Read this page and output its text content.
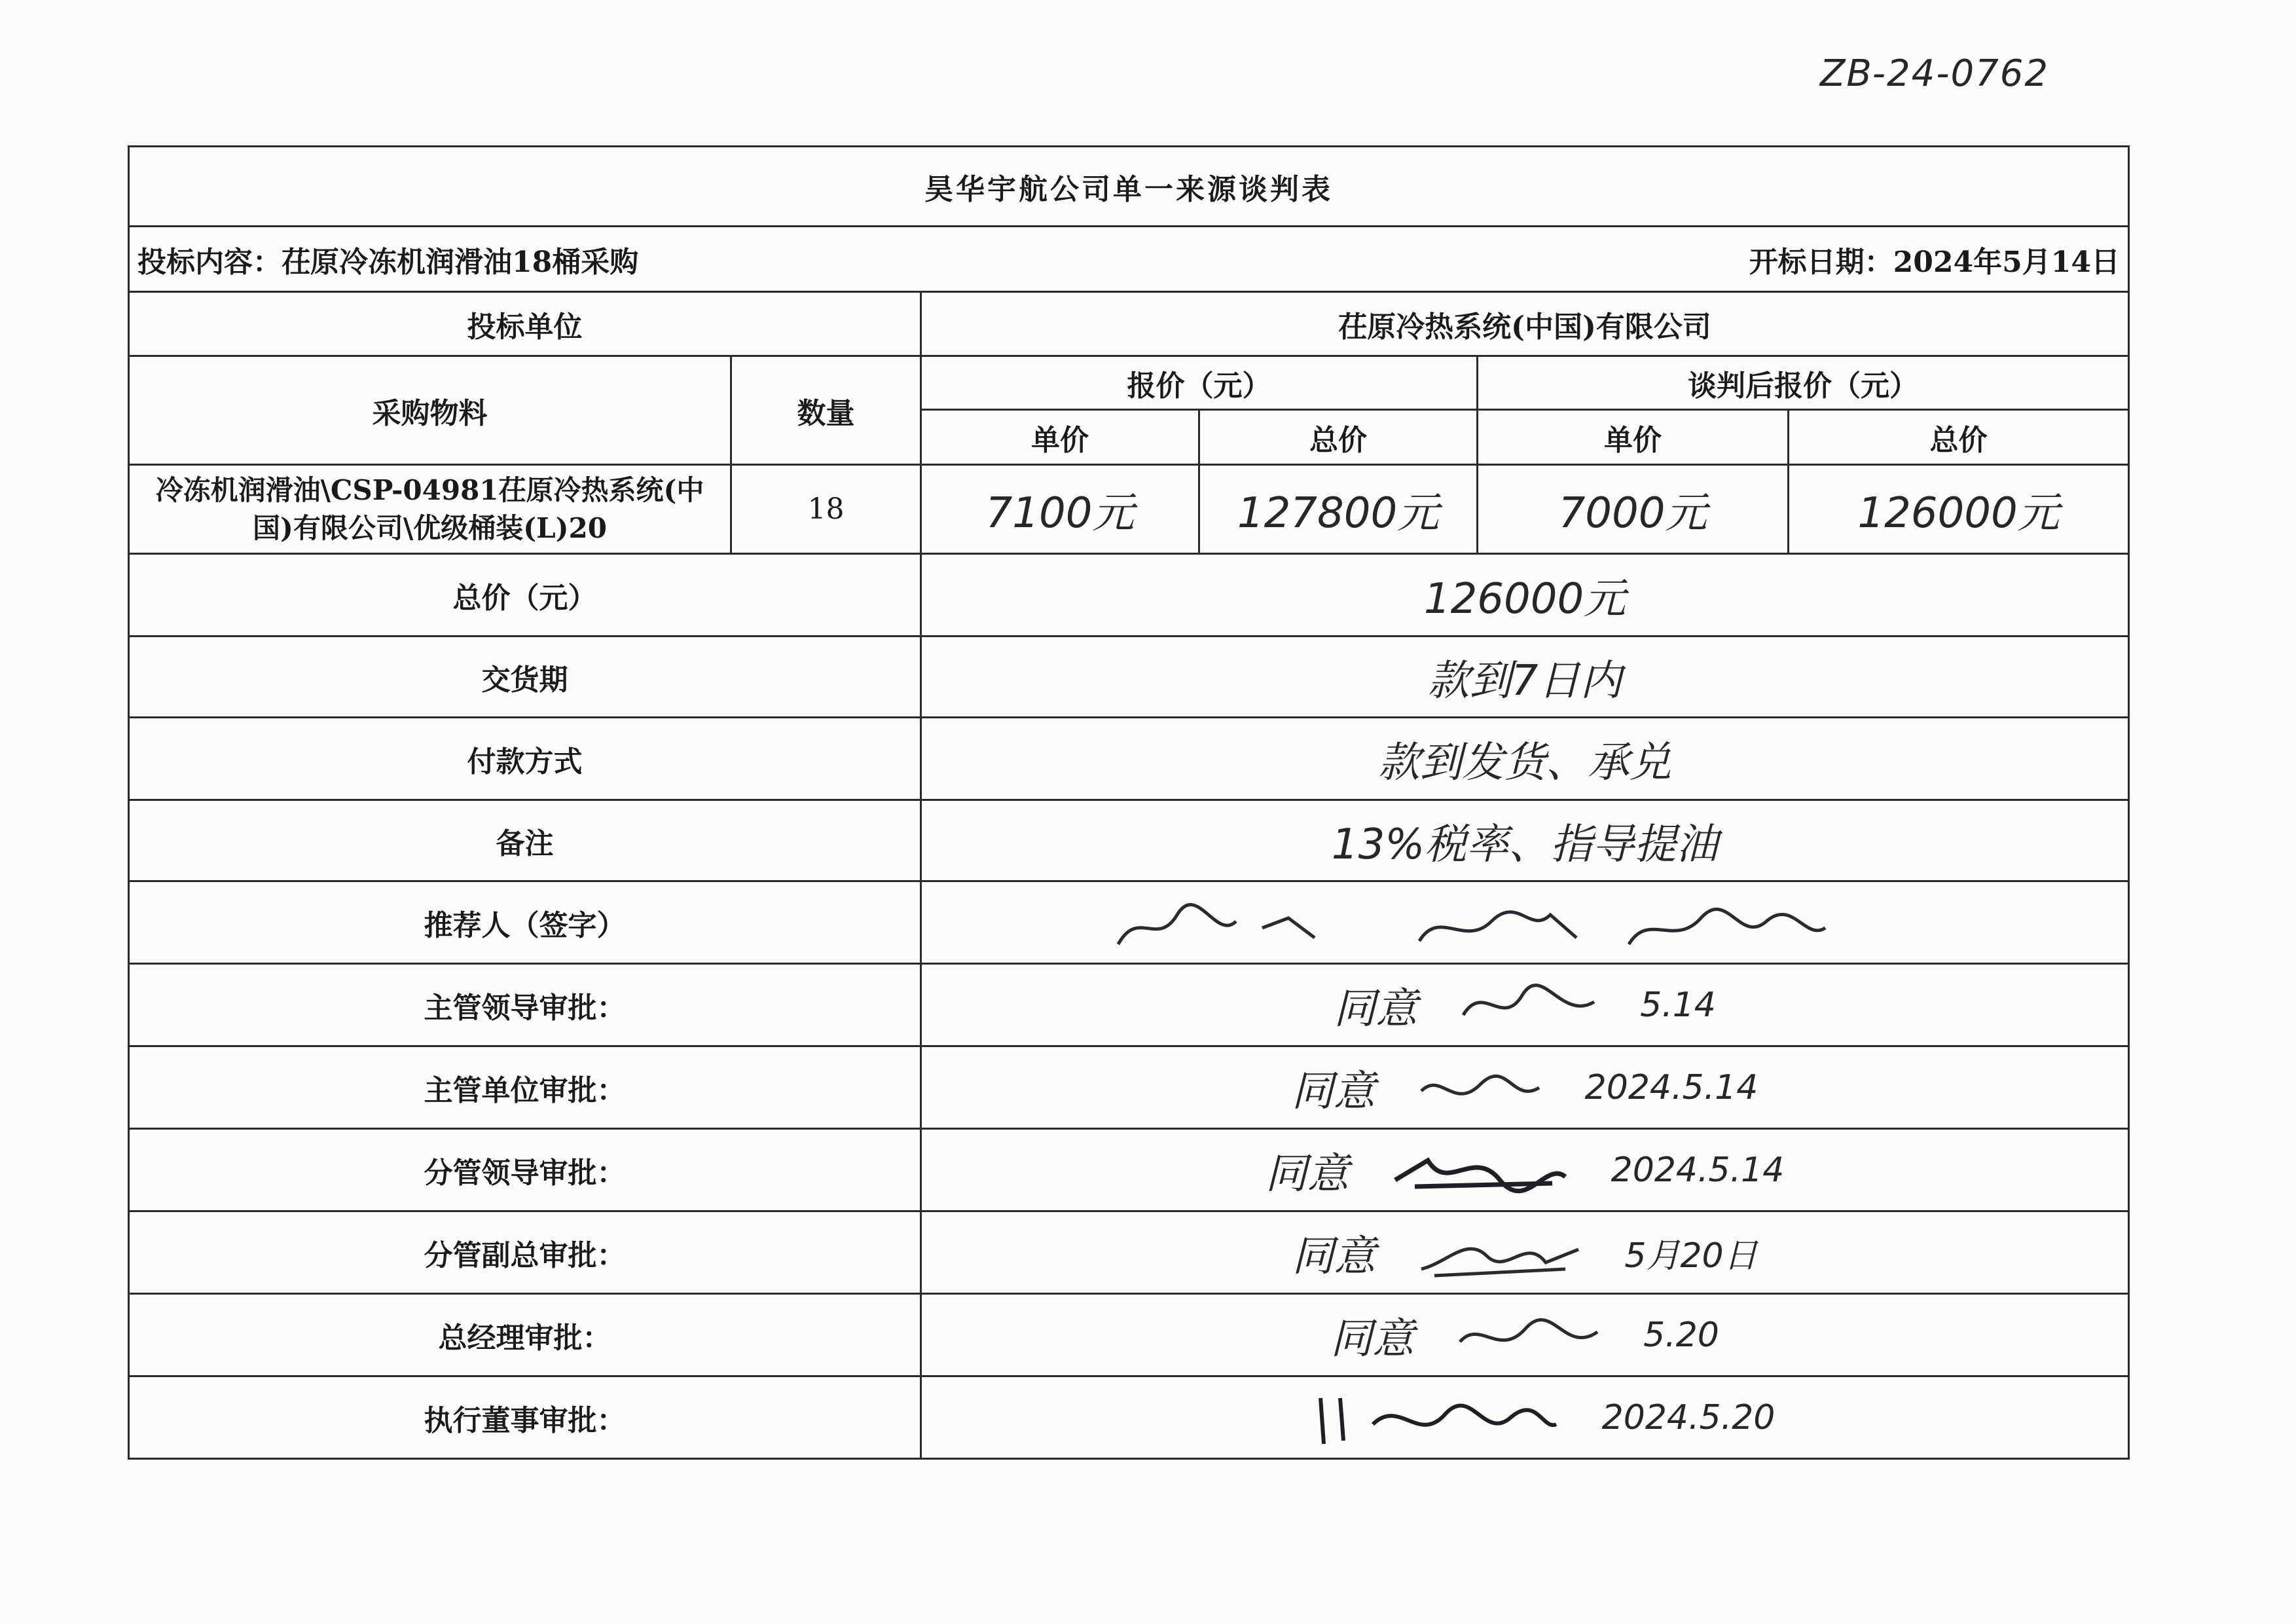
ZB-24-0762
昊华宇航公司单一来源谈判表					

投标内容：茌原冷冻机润滑油18桶采购 开标日期：2024年5月14日					

投标单位		茌原冷热系统(中国)有限公司			
采购物料	数量	报价（元）		谈判后报价（元）	
		单价	总价	单价	总价

冷冻机润滑油\CSP-04981茌原冷热系统(中国)有限公司\优级桶装(L)20	18	7100元	127800元	7000元	126000元
总价（元）		126000元			
交货期		款到7日内			
付款方式		款到发货、承兑			
备注		13%税率、指导提油			
推荐人（签字）	

主管领导审批：		同意 5.14			

主管单位审批：		同意 2024.5.14			

分管领导审批：		同意 2024.5.14			

分管副总审批：		同意 5月20日			

总经理审批：		同意 5.20			

执行董事审批：		2024.5.20			
